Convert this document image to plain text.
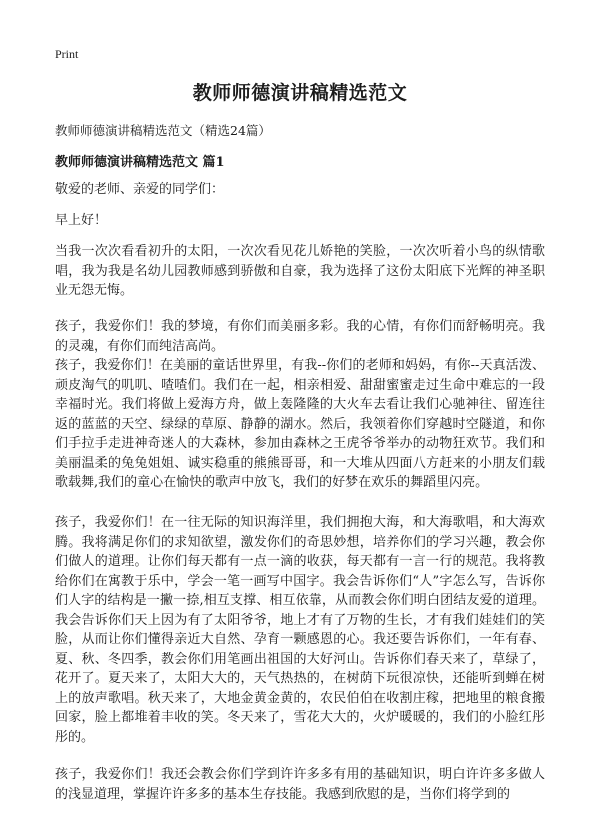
Print
教师师德演讲稿精选范文

教师师德演讲稿精选范文（精选24篇）

教师师德演讲稿精选范文 篇1

敬爱的老师、亲爱的同学们：

早上好！

当我一次次看看初升的太阳，一次次看见花儿娇艳的笑脸，一次次听着小鸟的纵情歌唱，我为我是名幼儿园教师感到骄傲和自豪，我为选择了这份太阳底下光辉的神圣职业无怨无悔。

孩子，我爱你们！我的梦境，有你们而美丽多彩。我的心情，有你们而舒畅明亮。我的灵魂，有你们而纯洁高尚。

孩子，我爱你们！在美丽的童话世界里，有我--你们的老师和妈妈，有你--天真活泼、顽皮淘气的叽叽、喳喳们。我们在一起，相亲相爱、甜甜蜜蜜走过生命中难忘的一段幸福时光。我们将做上爱海方舟，做上轰隆隆的大火车去看让我们心驰神往、留连往返的蓝蓝的天空、绿绿的草原、静静的湖水。然后，我领着你们穿越时空隧道，和你们手拉手走进神奇迷人的大森林，参加由森林之王虎爷爷举办的动物狂欢节。我们和美丽温柔的兔兔姐姐、诚实稳重的熊熊哥哥，和一大堆从四面八方赶来的小朋友们载歌载舞,我们的童心在愉快的歌声中放飞，我们的好梦在欢乐的舞蹈里闪亮。

孩子，我爱你们！在一往无际的知识海洋里，我们拥抱大海，和大海歌唱，和大海欢腾。我将满足你们的求知欲望，激发你们的奇思妙想，培养你们的学习兴趣，教会你们做人的道理。让你们每天都有一点一滴的收获，每天都有一言一行的规范。我将教给你们在寓教于乐中，学会一笔一画写中国字。我会告诉你们“人”字怎么写，告诉你们人字的结构是一撇一捺,相互支撑、相互依靠，从而教会你们明白团结友爱的道理。我会告诉你们天上因为有了太阳爷爷，地上才有了万物的生长，才有我们娃娃们的笑脸，从而让你们懂得亲近大自然、孕育一颗感恩的心。我还要告诉你们，一年有春、夏、秋、冬四季，教会你们用笔画出祖国的大好河山。告诉你们春天来了，草绿了，花开了。夏天来了，太阳大大的，天气热热的，在树荫下玩很凉快，还能听到蝉在树上的放声歌唱。秋天来了，大地金黄金黄的，农民伯伯在收割庄稼，把地里的粮食搬回家，脸上都堆着丰收的笑。冬天来了，雪花大大的，火炉暖暖的，我们的小脸红彤彤的。

孩子，我爱你们！我还会教会你们学到许许多多有用的基础知识，明白许许多多做人的浅显道理，掌握许许多多的基本生存技能。我感到欣慰的是，当你们将学到的
